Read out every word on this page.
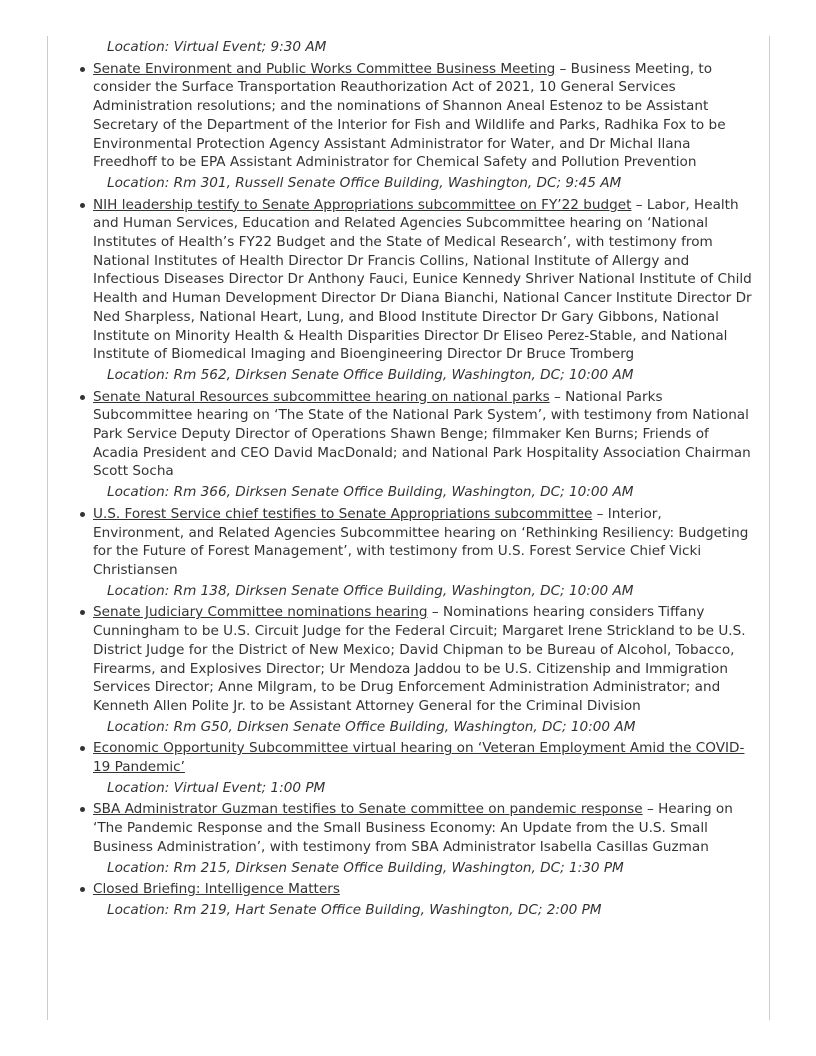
Location: Virtual Event; 9:30 AM
Senate Environment and Public Works Committee Business Meeting – Business Meeting, to consider the Surface Transportation Reauthorization Act of 2021, 10 General Services Administration resolutions; and the nominations of Shannon Aneal Estenoz to be Assistant Secretary of the Department of the Interior for Fish and Wildlife and Parks, Radhika Fox to be Environmental Protection Agency Assistant Administrator for Water, and Dr Michal Ilana Freedhoff to be EPA Assistant Administrator for Chemical Safety and Pollution Prevention
Location: Rm 301, Russell Senate Office Building, Washington, DC; 9:45 AM
NIH leadership testify to Senate Appropriations subcommittee on FY’22 budget – Labor, Health and Human Services, Education and Related Agencies Subcommittee hearing on ‘National Institutes of Health’s FY22 Budget and the State of Medical Research’, with testimony from National Institutes of Health Director Dr Francis Collins, National Institute of Allergy and Infectious Diseases Director Dr Anthony Fauci, Eunice Kennedy Shriver National Institute of Child Health and Human Development Director Dr Diana Bianchi, National Cancer Institute Director Dr Ned Sharpless, National Heart, Lung, and Blood Institute Director Dr Gary Gibbons, National Institute on Minority Health & Health Disparities Director Dr Eliseo Perez-Stable, and National Institute of Biomedical Imaging and Bioengineering Director Dr Bruce Tromberg
Location: Rm 562, Dirksen Senate Office Building, Washington, DC; 10:00 AM
Senate Natural Resources subcommittee hearing on national parks – National Parks Subcommittee hearing on ‘The State of the National Park System’, with testimony from National Park Service Deputy Director of Operations Shawn Benge; filmmaker Ken Burns; Friends of Acadia President and CEO David MacDonald; and National Park Hospitality Association Chairman Scott Socha
Location: Rm 366, Dirksen Senate Office Building, Washington, DC; 10:00 AM
U.S. Forest Service chief testifies to Senate Appropriations subcommittee – Interior, Environment, and Related Agencies Subcommittee hearing on ‘Rethinking Resiliency: Budgeting for the Future of Forest Management’, with testimony from U.S. Forest Service Chief Vicki Christiansen
Location: Rm 138, Dirksen Senate Office Building, Washington, DC; 10:00 AM
Senate Judiciary Committee nominations hearing – Nominations hearing considers Tiffany Cunningham to be U.S. Circuit Judge for the Federal Circuit; Margaret Irene Strickland to be U.S. District Judge for the District of New Mexico; David Chipman to be Bureau of Alcohol, Tobacco, Firearms, and Explosives Director; Ur Mendoza Jaddou to be U.S. Citizenship and Immigration Services Director; Anne Milgram, to be Drug Enforcement Administration Administrator; and Kenneth Allen Polite Jr. to be Assistant Attorney General for the Criminal Division
Location: Rm G50, Dirksen Senate Office Building, Washington, DC; 10:00 AM
Economic Opportunity Subcommittee virtual hearing on ‘Veteran Employment Amid the COVID-19 Pandemic’
Location: Virtual Event; 1:00 PM
SBA Administrator Guzman testifies to Senate committee on pandemic response – Hearing on ‘The Pandemic Response and the Small Business Economy: An Update from the U.S. Small Business Administration’, with testimony from SBA Administrator Isabella Casillas Guzman
Location: Rm 215, Dirksen Senate Office Building, Washington, DC; 1:30 PM
Closed Briefing: Intelligence Matters
Location: Rm 219, Hart Senate Office Building, Washington, DC; 2:00 PM
